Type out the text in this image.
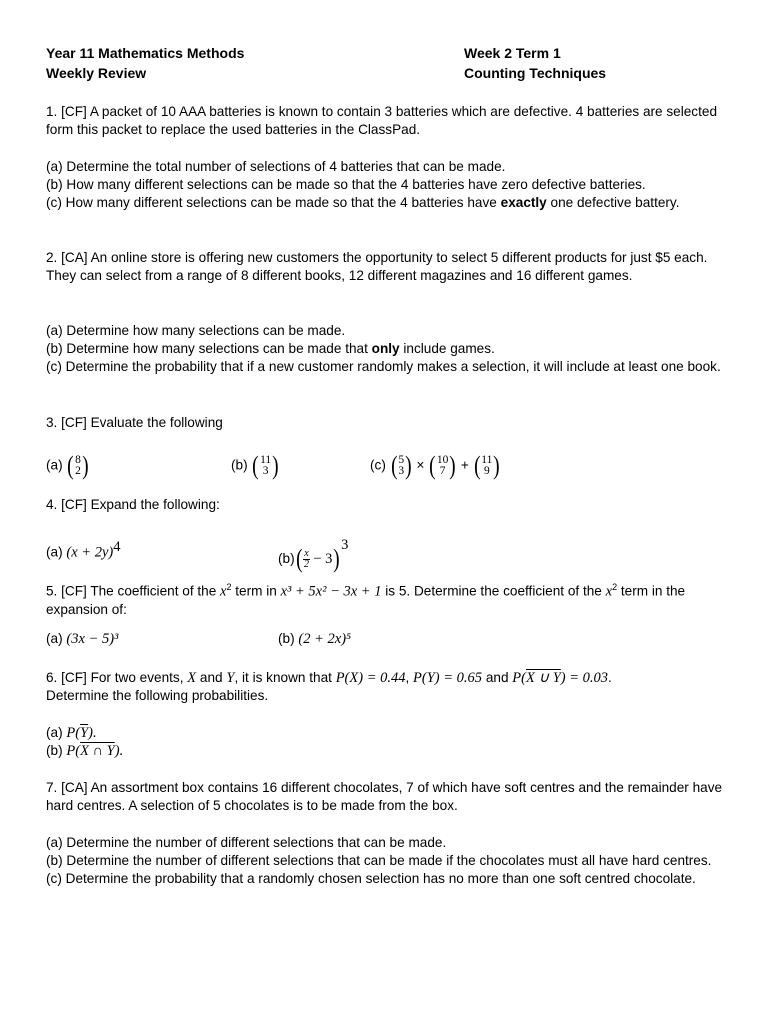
Year 11 Mathematics Methods
Weekly Review
Week 2 Term 1
Counting Techniques

1. [CF] A packet of 10 AAA batteries is known to contain 3 batteries which are defective. 4 batteries are selected form this packet to replace the used batteries in the ClassPad.

(a) Determine the total number of selections of 4 batteries that can be made.

(b) How many different selections can be made so that the 4 batteries have zero defective batteries.

(c) How many different selections can be made so that the 4 batteries have exactly one defective battery.

2. [CA] An online store is offering new customers the opportunity to select 5 different products for just $5 each. They can select from a range of 8 different books, 12 different magazines and 16 different games.

(a) Determine how many selections can be made.

(b) Determine how many selections can be made that only include games.

(c) Determine the probability that if a new customer randomly makes a selection, it will include at least one book.

3. [CF] Evaluate the following

(a) ( 8
2 )	(b) ( 11
3 )	(c) ( 5
3 ) × ( 10
7 ) + ( 11
9 )

4. [CF] Expand the following:

(a) $(x + 2y)^4$
(b) ( $\frac{x}{2} - 3$ ) $^3$

5. [CF] The coefficient of the $x^2$ term in x³ + 5x² − 3x + 1 is 5. Determine the coefficient of the $x^2$ term in the expansion of:

(a) (3x − 5)³	(b) (2 + 2x)⁵

6. [CF] For two events, X and Y, it is known that P(X) = 0.44, P(Y) = 0.65 and P(X ∪ Y) = 0.03.

Determine the following probabilities.

(a) $P(\overline{Y})$.

(b) P(X ∩ Y).

7. [CA] An assortment box contains 16 different chocolates, 7 of which have soft centres and the remainder have hard centres. A selection of 5 chocolates is to be made from the box.

(a) Determine the number of different selections that can be made.

(b) Determine the number of different selections that can be made if the chocolates must all have hard centres.

(c) Determine the probability that a randomly chosen selection has no more than one soft centred chocolate.
